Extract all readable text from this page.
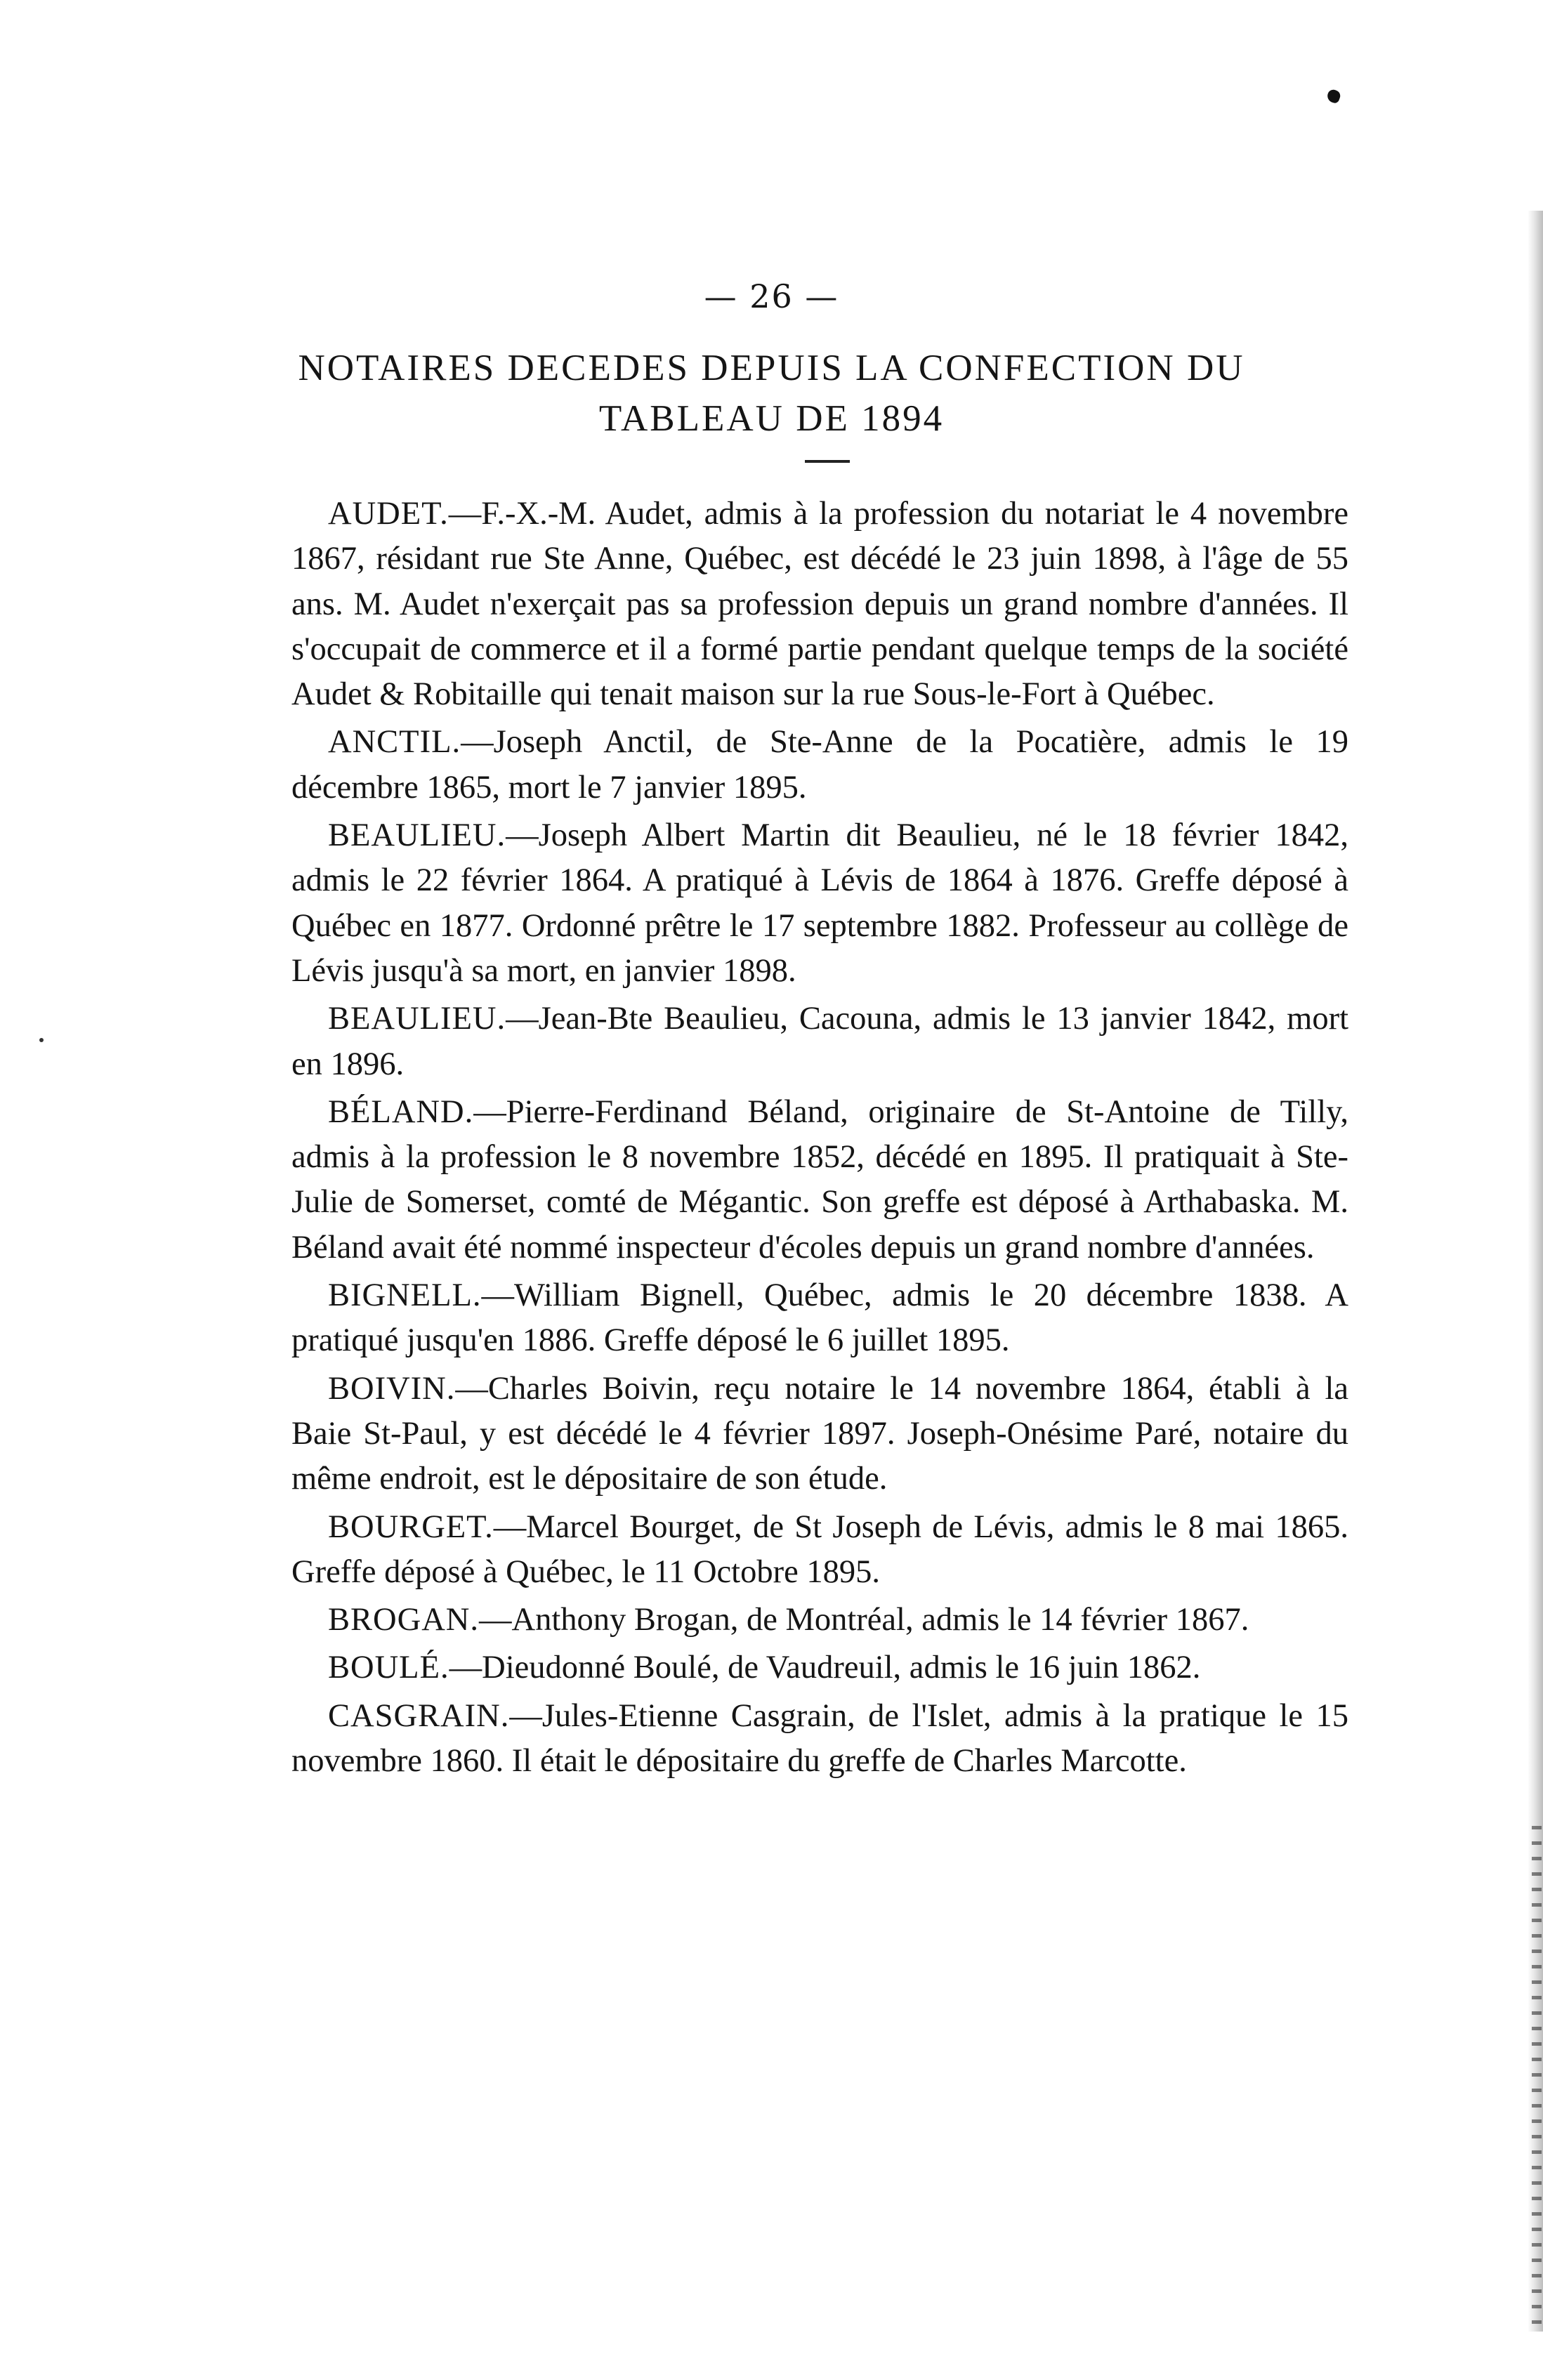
— 26 —
NOTAIRES DECEDES DEPUIS LA CONFECTION DU
TABLEAU DE 1894

AUDET.—F.-X.-M. Audet, admis à la profession du notariat le 4 novembre 1867, résidant rue Ste Anne, Québec, est décédé le 23 juin 1898, à l'âge de 55 ans. M. Audet n'exerçait pas sa profession depuis un grand nombre d'années. Il s'occupait de commerce et il a formé partie pendant quelque temps de la société Audet & Robitaille qui tenait maison sur la rue Sous-le-Fort à Québec.

ANCTIL.—Joseph Anctil, de Ste-Anne de la Pocatière, admis le 19 décembre 1865, mort le 7 janvier 1895.

BEAULIEU.—Joseph Albert Martin dit Beaulieu, né le 18 février 1842, admis le 22 février 1864. A pratiqué à Lévis de 1864 à 1876. Greffe déposé à Québec en 1877. Ordonné prêtre le 17 septembre 1882. Professeur au collège de Lévis jusqu'à sa mort, en janvier 1898.

BEAULIEU.—Jean-Bte Beaulieu, Cacouna, admis le 13 janvier 1842, mort en 1896.

BÉLAND.—Pierre-Ferdinand Béland, originaire de St-Antoine de Tilly, admis à la profession le 8 novembre 1852, décédé en 1895. Il pratiquait à Ste-Julie de Somerset, comté de Mégantic. Son greffe est déposé à Arthabaska. M. Béland avait été nommé inspecteur d'écoles depuis un grand nombre d'années.

BIGNELL.—William Bignell, Québec, admis le 20 décembre 1838. A pratiqué jusqu'en 1886. Greffe déposé le 6 juillet 1895.

BOIVIN.—Charles Boivin, reçu notaire le 14 novembre 1864, établi à la Baie St-Paul, y est décédé le 4 février 1897. Joseph-Onésime Paré, notaire du même endroit, est le dépositaire de son étude.

BOURGET.—Marcel Bourget, de St Joseph de Lévis, admis le 8 mai 1865. Greffe déposé à Québec, le 11 Octobre 1895.

BROGAN.—Anthony Brogan, de Montréal, admis le 14 février 1867.

BOULÉ.—Dieudonné Boulé, de Vaudreuil, admis le 16 juin 1862.

CASGRAIN.—Jules-Etienne Casgrain, de l'Islet, admis à la pratique le 15 novembre 1860. Il était le dépositaire du greffe de Charles Marcotte.
